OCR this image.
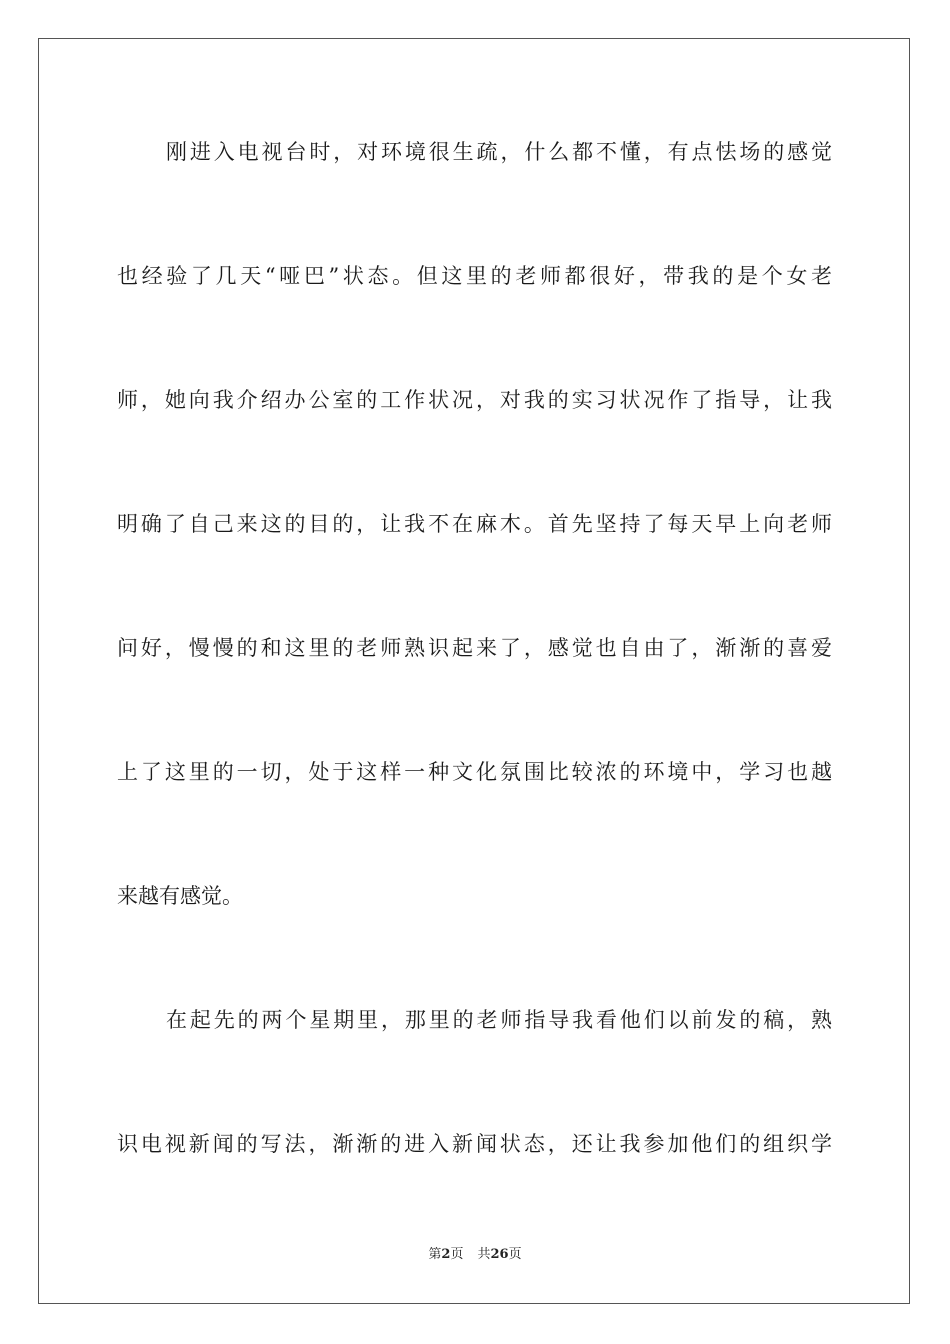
刚进入电视台时，对环境很生疏，什么都不懂，有点怯场的感觉
也经验了几天“哑巴”状态。但这里的老师都很好，带我的是个女老
师，她向我介绍办公室的工作状况，对我的实习状况作了指导，让我
明确了自己来这的目的，让我不在麻木。首先坚持了每天早上向老师
问好，慢慢的和这里的老师熟识起来了，感觉也自由了，渐渐的喜爱
上了这里的一切，处于这样一种文化氛围比较浓的环境中，学习也越
来越有感觉。
在起先的两个星期里，那里的老师指导我看他们以前发的稿，熟
识电视新闻的写法，渐渐的进入新闻状态，还让我参加他们的组织学
第2页 共26页
